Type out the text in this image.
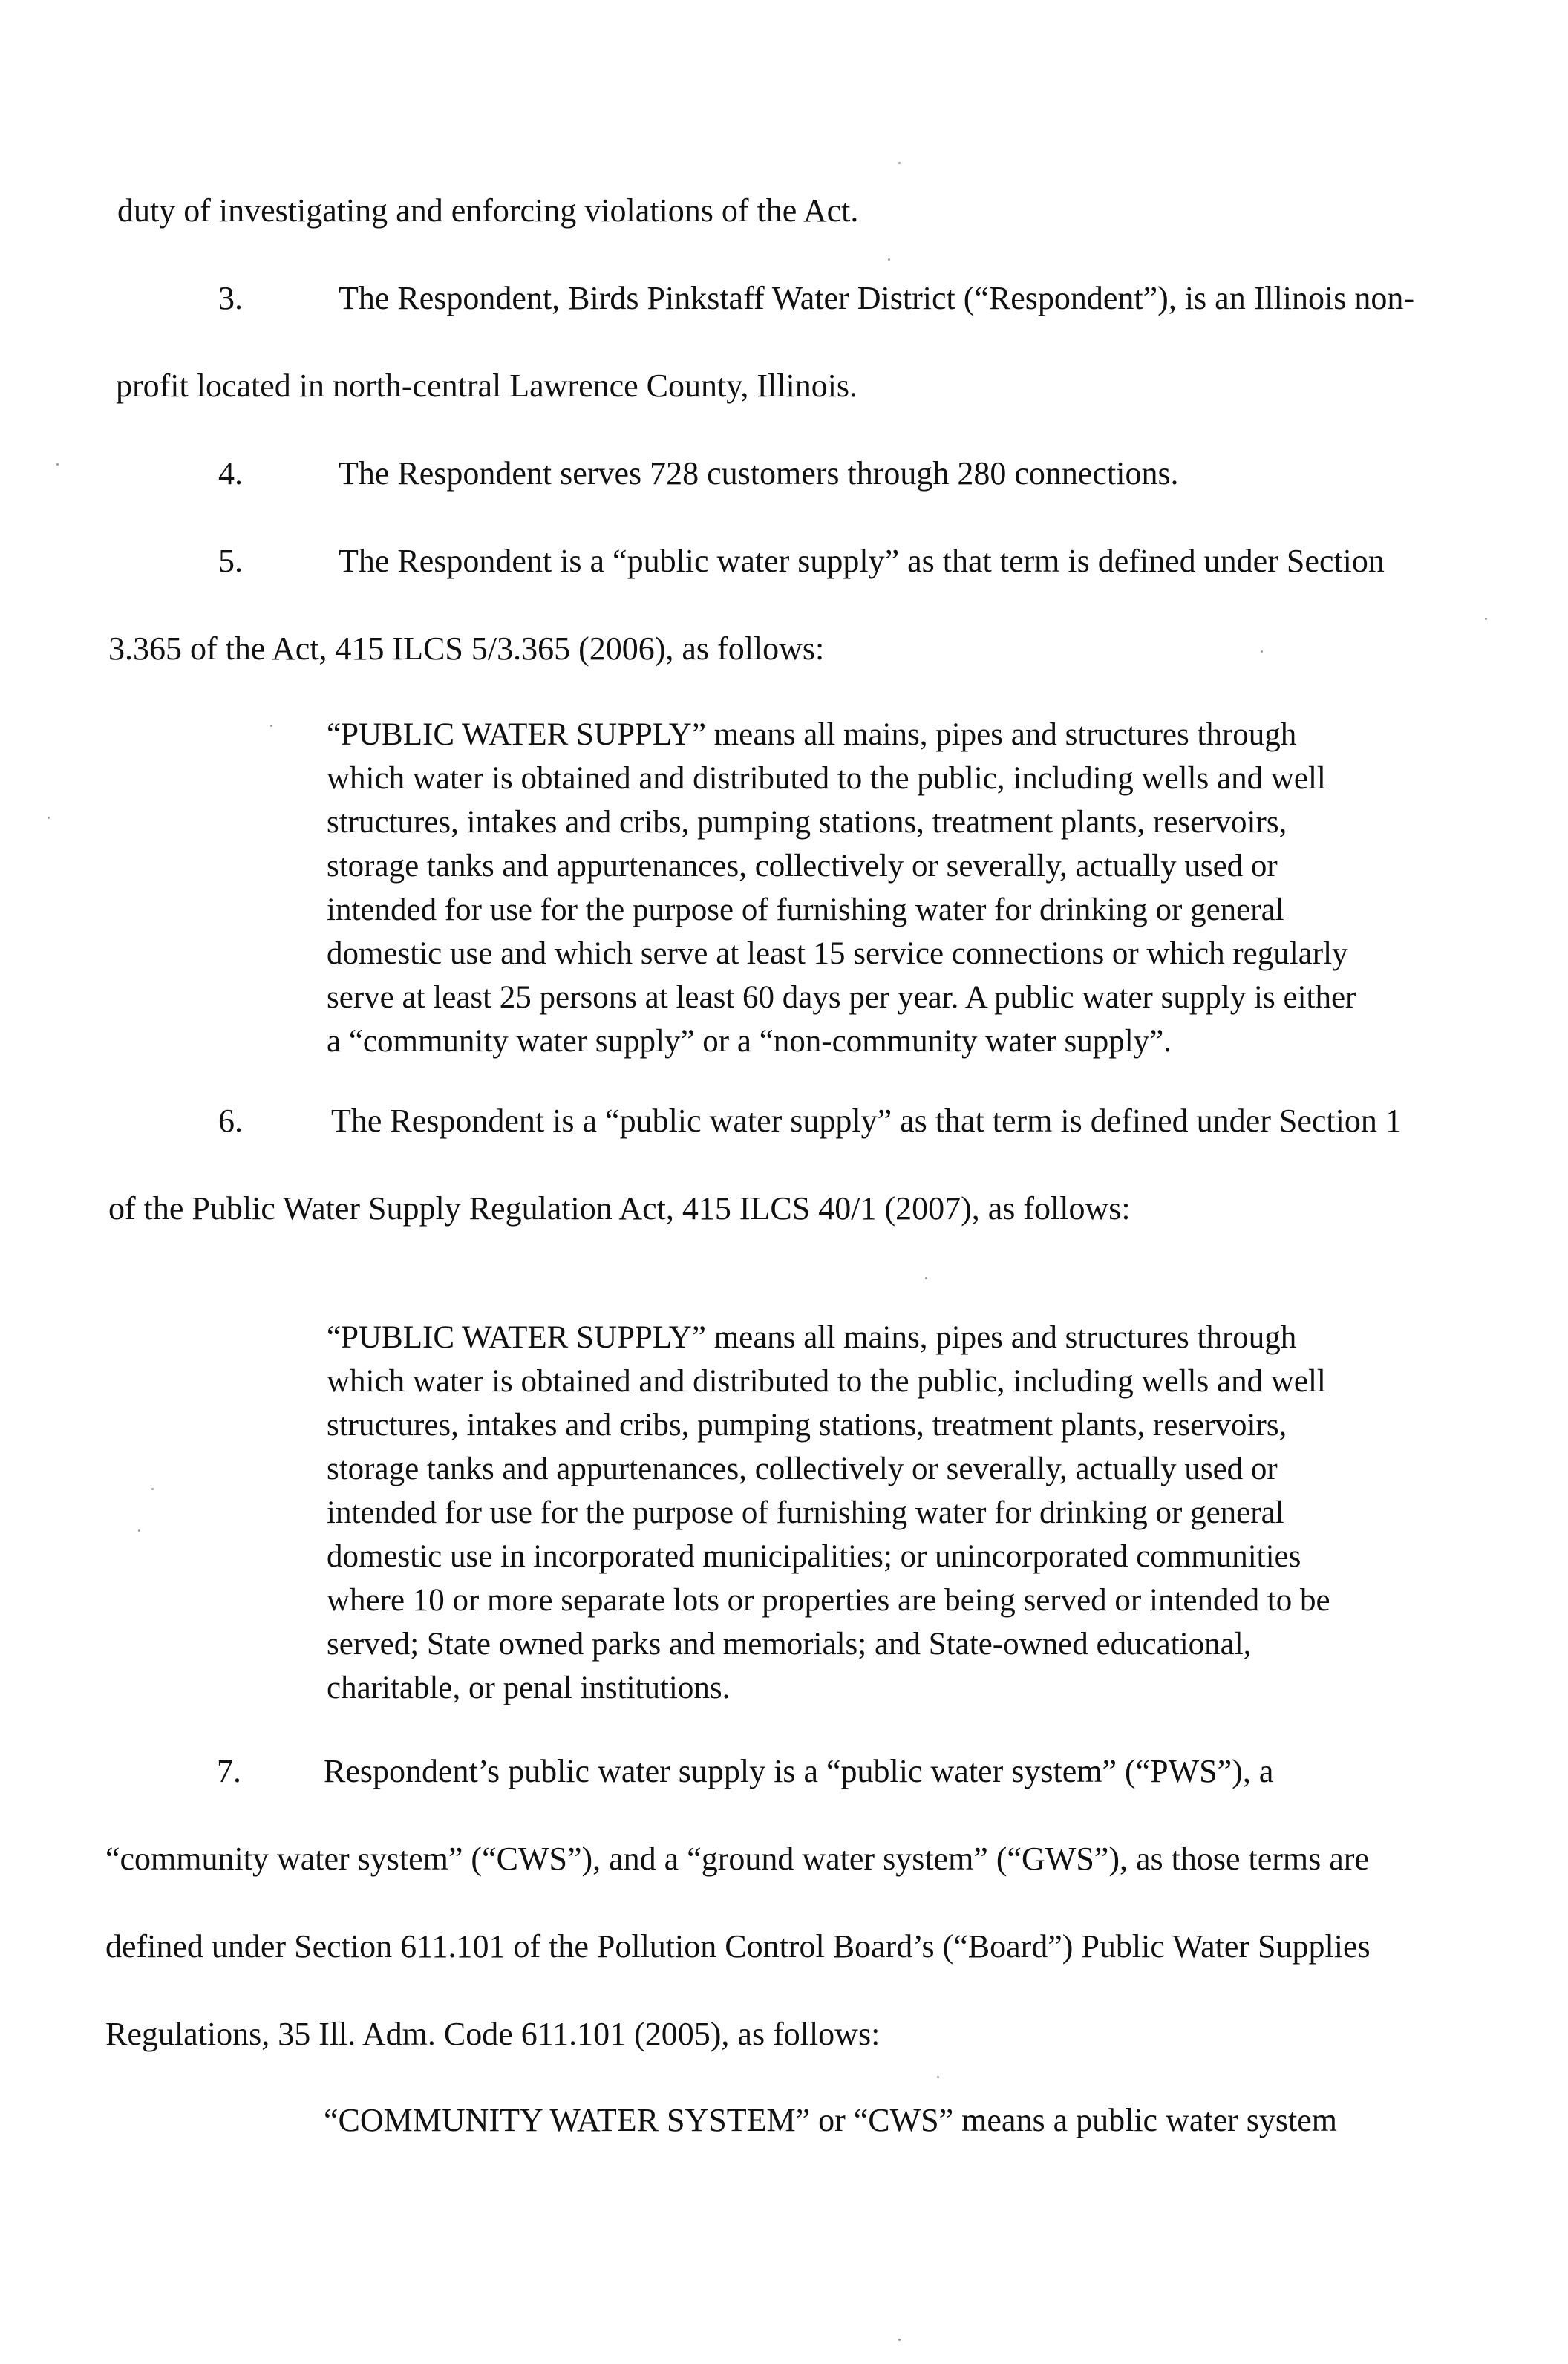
duty of investigating and enforcing violations of the Act.
3.	The Respondent, Birds Pinkstaff Water District (“Respondent”), is an Illinois non-
profit located in north-central Lawrence County, Illinois.
4.	The Respondent serves 728 customers through 280 connections.
5.	The Respondent is a “public water supply” as that term is defined under Section
3.365 of the Act, 415 ILCS 5/3.365 (2006), as follows:
“PUBLIC WATER SUPPLY” means all mains, pipes and structures through
which water is obtained and distributed to the public, including wells and well
structures, intakes and cribs, pumping stations, treatment plants, reservoirs,
storage tanks and appurtenances, collectively or severally, actually used or
intended for use for the purpose of furnishing water for drinking or general
domestic use and which serve at least 15 service connections or which regularly
serve at least 25 persons at least 60 days per year. A public water supply is either
a “community water supply” or a “non-community water supply”.
6.	The Respondent is a “public water supply” as that term is defined under Section 1
of the Public Water Supply Regulation Act, 415 ILCS 40/1 (2007), as follows:
“PUBLIC WATER SUPPLY” means all mains, pipes and structures through
which water is obtained and distributed to the public, including wells and well
structures, intakes and cribs, pumping stations, treatment plants, reservoirs,
storage tanks and appurtenances, collectively or severally, actually used or
intended for use for the purpose of furnishing water for drinking or general
domestic use in incorporated municipalities; or unincorporated communities
where 10 or more separate lots or properties are being served or intended to be
served; State owned parks and memorials; and State-owned educational,
charitable, or penal institutions.
7.	Respondent’s public water supply is a “public water system” (“PWS”), a
“community water system” (“CWS”), and a “ground water system” (“GWS”), as those terms are
defined under Section 611.101 of the Pollution Control Board’s (“Board”) Public Water Supplies
Regulations, 35 Ill. Adm. Code 611.101 (2005), as follows:
“COMMUNITY WATER SYSTEM” or “CWS” means a public water system
